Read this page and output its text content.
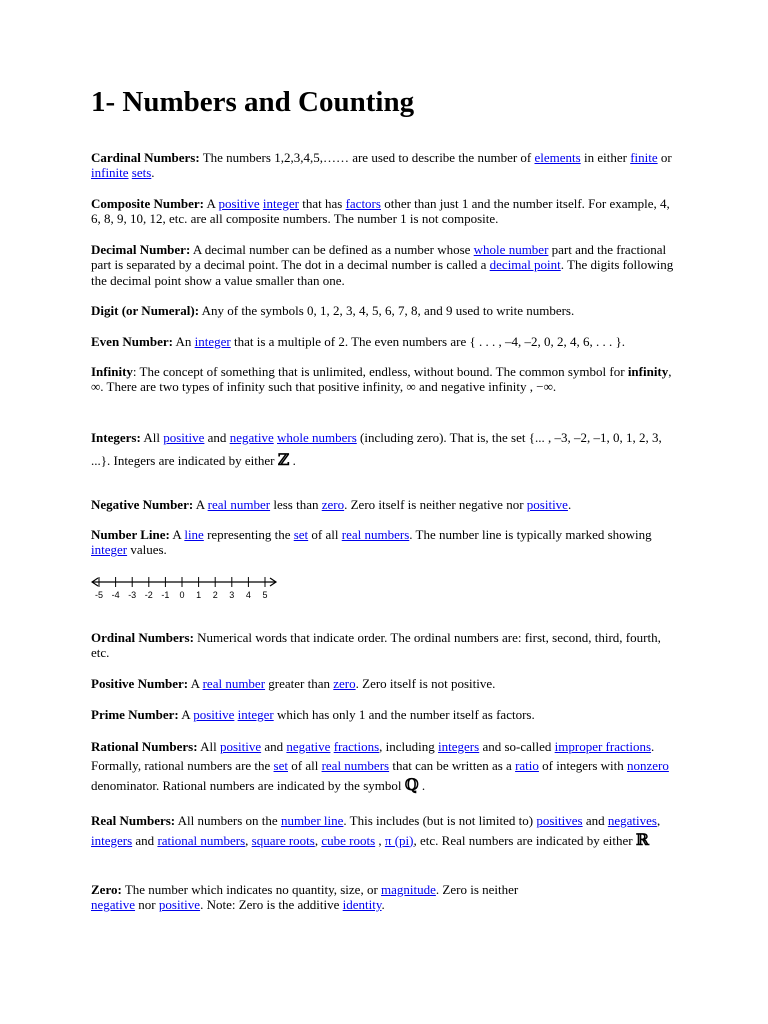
1- Numbers and Counting

Cardinal Numbers: The numbers 1,2,3,4,5,…… are used to describe the number of elements in either finite or infinite sets.

Composite Number: A positive integer that has factors other than just 1 and the number itself. For example, 4, 6, 8, 9, 10, 12, etc. are all composite numbers. The number 1 is not composite.

Decimal Number: A decimal number can be defined as a number whose whole number part and the fractional part is separated by a decimal point. The dot in a decimal number is called a decimal point. The digits following the decimal point show a value smaller than one.

Digit (or Numeral): Any of the symbols 0, 1, 2, 3, 4, 5, 6, 7, 8, and 9 used to write numbers.

Even Number: An integer that is a multiple of 2. The even numbers are { . . . , –4, –2, 0, 2, 4, 6, . . . }.

Infinity: The concept of something that is unlimited, endless, without bound. The common symbol for infinity, ∞. There are two types of infinity such that positive infinity, ∞ and negative infinity , −∞.

Integers: All positive and negative whole numbers (including zero). That is, the set {... , –3, –2, –1, 0, 1, 2, 3, ...}. Integers are indicated by either ℤ .

Negative Number: A real number less than zero. Zero itself is neither negative nor positive.

Number Line: A line representing the set of all real numbers. The number line is typically marked showing integer values.

-5 -4 -3 -2 -1 0 1 2 3 4 5

Ordinal Numbers: Numerical words that indicate order. The ordinal numbers are: first, second, third, fourth, etc.

Positive Number: A real number greater than zero. Zero itself is not positive.

Prime Number: A positive integer which has only 1 and the number itself as factors.

Rational Numbers: All positive and negative fractions, including integers and so-called improper fractions. Formally, rational numbers are the set of all real numbers that can be written as a ratio of integers with nonzero denominator. Rational numbers are indicated by the symbol ℚ .

Real Numbers: All numbers on the number line. This includes (but is not limited to) positives and negatives, integers and rational numbers, square roots, cube roots , π (pi), etc. Real numbers are indicated by either ℝ

Zero: The number which indicates no quantity, size, or magnitude. Zero is neither negative nor positive. Note: Zero is the additive identity.
